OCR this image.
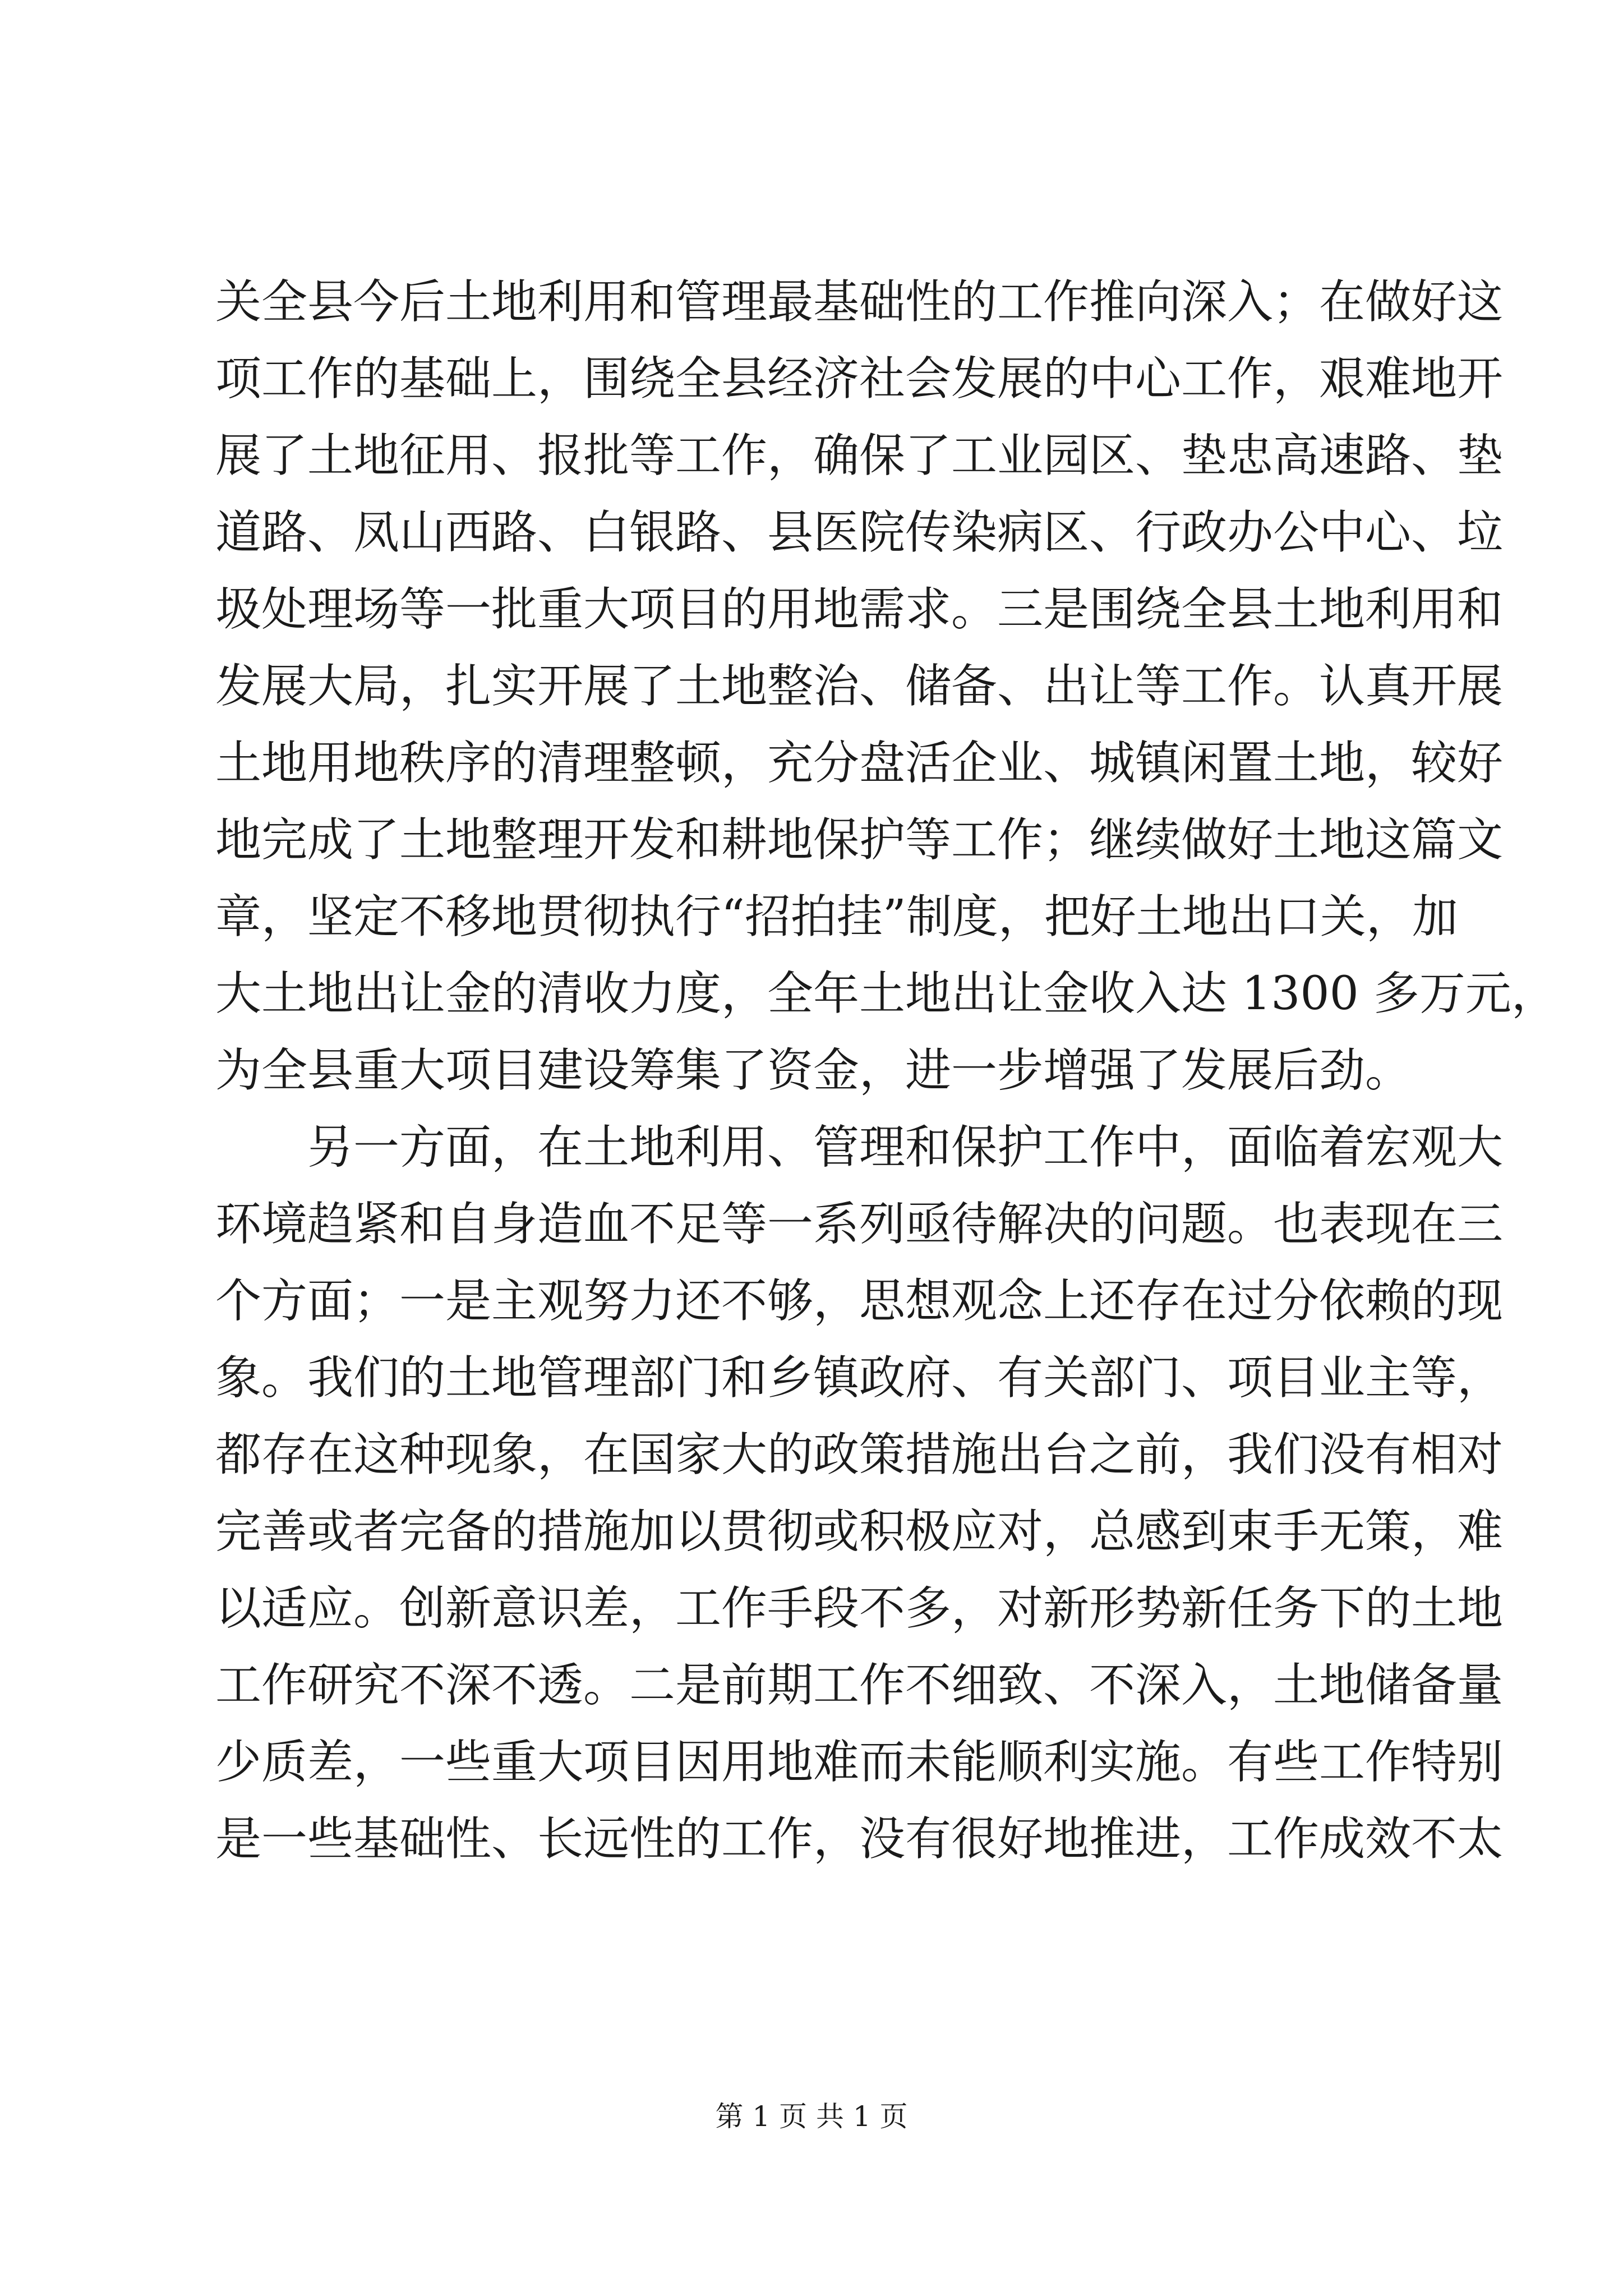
关全县今后土地利用和管理最基础性的工作推向深入；在做好这
项工作的基础上，围绕全县经济社会发展的中心工作，艰难地开
展了土地征用、报批等工作，确保了工业园区、垫忠高速路、垫
道路、凤山西路、白银路、县医院传染病区、行政办公中心、垃
圾处理场等一批重大项目的用地需求。三是围绕全县土地利用和
发展大局，扎实开展了土地整治、储备、出让等工作。认真开展
土地用地秩序的清理整顿，充分盘活企业、城镇闲置土地，较好
地完成了土地整理开发和耕地保护等工作；继续做好土地这篇文
章，坚定不移地贯彻执行“招拍挂”制度，把好土地出口关，加
大土地出让金的清收力度，全年土地出让金收入达 1300 多万元，
为全县重大项目建设筹集了资金，进一步增强了发展后劲。
　　另一方面，在土地利用、管理和保护工作中，面临着宏观大
环境趋紧和自身造血不足等一系列亟待解决的问题。也表现在三
个方面；一是主观努力还不够，思想观念上还存在过分依赖的现
象。我们的土地管理部门和乡镇政府、有关部门、项目业主等，
都存在这种现象，在国家大的政策措施出台之前，我们没有相对
完善或者完备的措施加以贯彻或积极应对，总感到束手无策，难
以适应。创新意识差，工作手段不多，对新形势新任务下的土地
工作研究不深不透。二是前期工作不细致、不深入，土地储备量
少质差，一些重大项目因用地难而未能顺利实施。有些工作特别
是一些基础性、长远性的工作，没有很好地推进，工作成效不太
第 1 页 共 1 页
